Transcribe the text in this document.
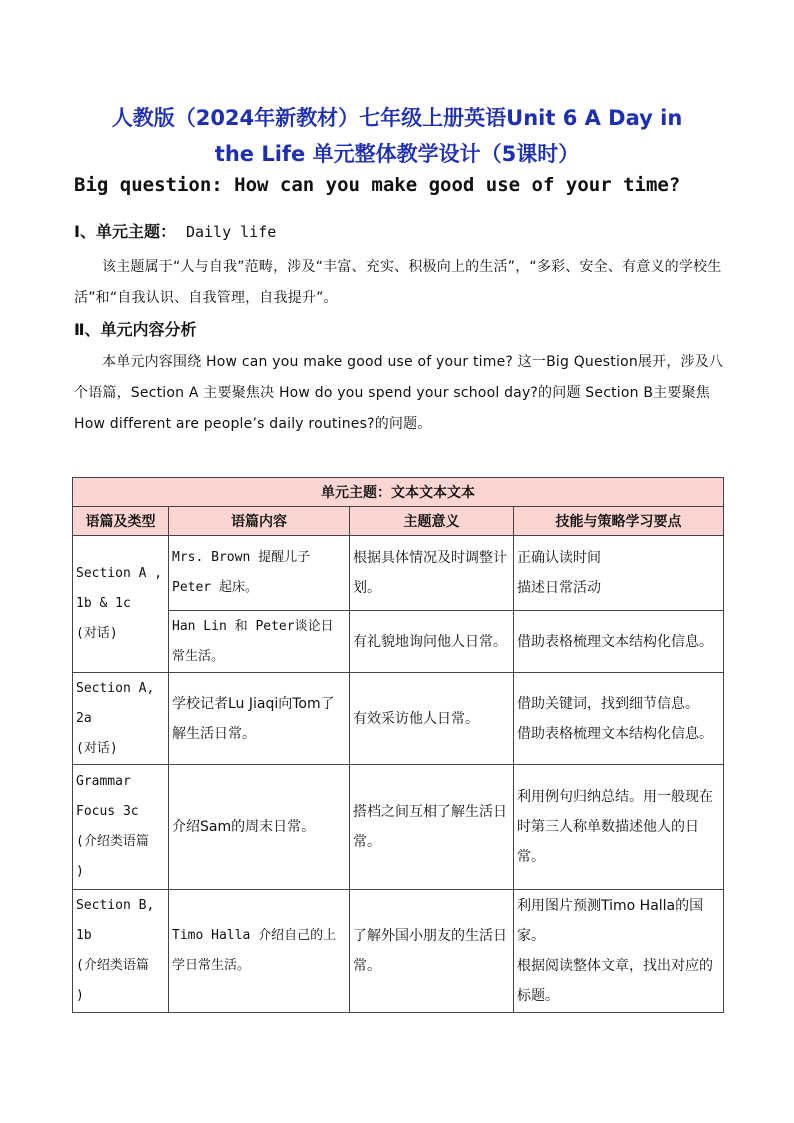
人教版（2024年新教材）七年级上册英语Unit 6 A Day in
the Life 单元整体教学设计（5课时）
Big question: How can you make good use of your time?
Ⅰ、单元主题： Daily life
该主题属于“人与自我”范畴，涉及“丰富、充实、积极向上的生活”，“多彩、安全、有意义的学校生活”和“自我认识、自我管理，自我提升”。
Ⅱ、单元内容分析
本单元内容围绕 How can you make good use of your time? 这一Big Question展开，涉及八个语篇，Section A 主要聚焦决 How do you spend your school day?的问题 Section B主要聚焦 How different are people’s daily routines?的问题。
单元主题：文本文本文本			
语篇及类型	语篇内容	主题意义	技能与策略学习要点
Section A , 1b & 1c
(对话)	Mrs. Brown 提醒儿子Peter 起床。	根据具体情况及时调整计划。	正确认读时间
描述日常活动
	Han Lin 和 Peter谈论日常生活。	有礼貌地询问他人日常。	借助表格梳理文本结构化信息。
Section A,
2a
(对话)	学校记者Lu Jiaqi向Tom了解生活日常。	有效采访他人日常。	借助关键词，找到细节信息。
借助表格梳理文本结构化信息。
Grammar
Focus 3c
(介绍类语篇
)	介绍Sam的周末日常。	搭档之间互相了解生活日常。	利用例句归纳总结。用一般现在时第三人称单数描述他人的日常。
Section B,
1b
(介绍类语篇
)	Timo Halla 介绍自己的上学日常生活。	了解外国小朋友的生活日常。	利用图片预测Timo Halla的国家。
根据阅读整体文章，找出对应的标题。
